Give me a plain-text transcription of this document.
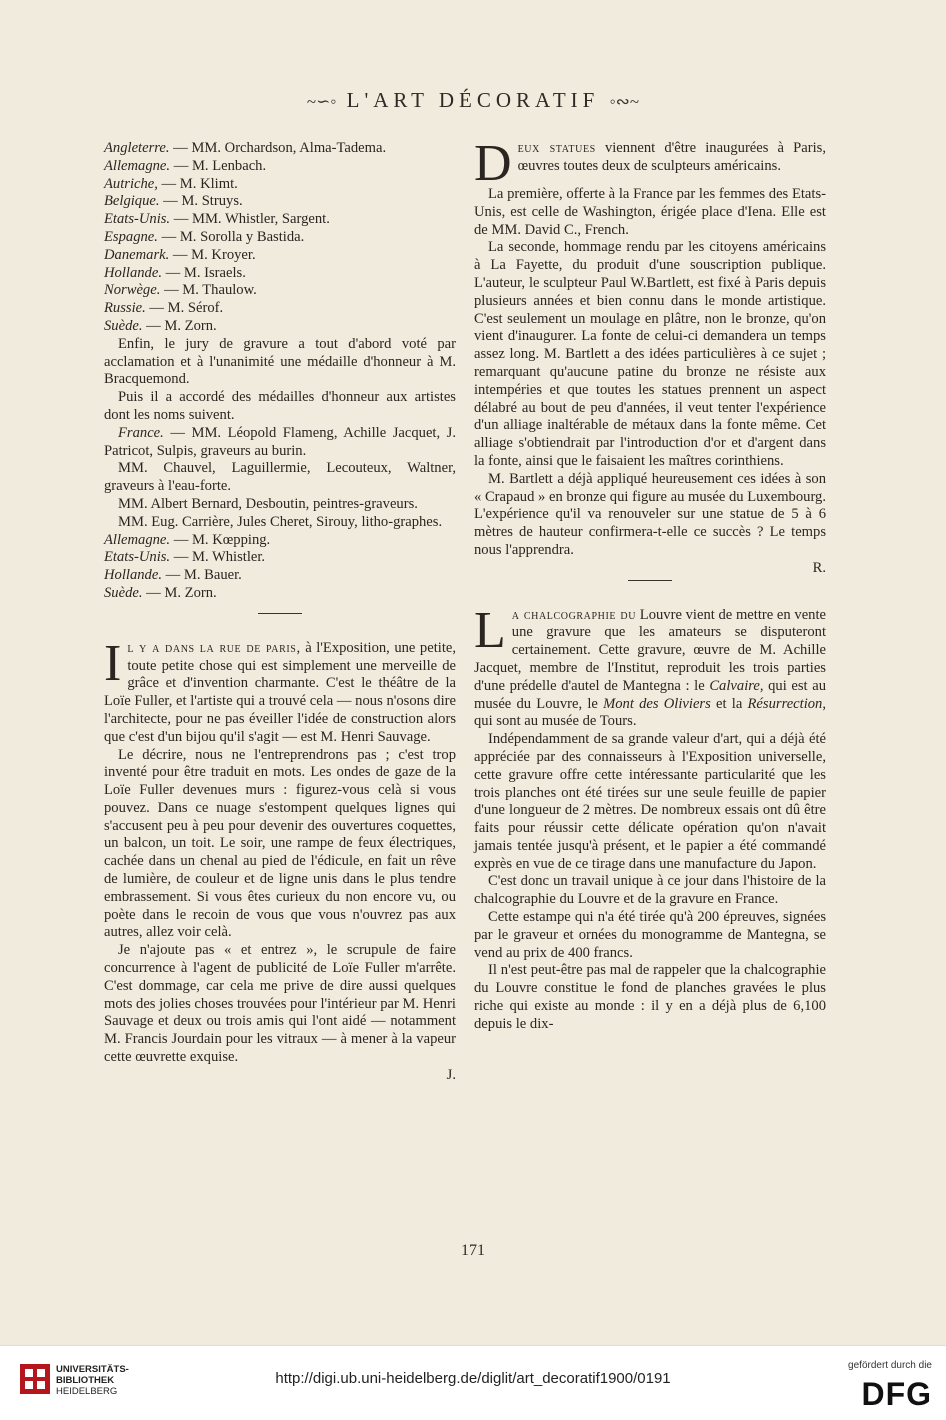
~∽◦ L'ART DÉCORATIF ◦∾~

Angleterre. — MM. Orchardson, Alma-Tadema.

Allemagne. — M. Lenbach.

Autriche, — M. Klimt.

Belgique. — M. Struys.

Etats-Unis. — MM. Whistler, Sargent.

Espagne. — M. Sorolla y Bastida.

Danemark. — M. Kroyer.

Hollande. — M. Israels.

Norwège. — M. Thaulow.

Russie. — M. Sérof.

Suède. — M. Zorn.

Enfin, le jury de gravure a tout d'abord voté par acclamation et à l'unanimité une médaille d'honneur à M. Bracquemond.

Puis il a accordé des médailles d'honneur aux artistes dont les noms suivent.

France. — MM. Léopold Flameng, Achille Jacquet, J. Patricot, Sulpis, graveurs au burin.

MM. Chauvel, Laguillermie, Lecouteux, Waltner, graveurs à l'eau-forte.

MM. Albert Bernard, Desboutin, peintres-graveurs.

MM. Eug. Carrière, Jules Cheret, Sirouy, litho-graphes.

Allemagne. — M. Kœpping.

Etats-Unis. — M. Whistler.

Hollande. — M. Bauer.

Suède. — M. Zorn.

Il y a dans la rue de paris, à l'Exposition, une petite, toute petite chose qui est simplement une merveille de grâce et d'invention charmante. C'est le théâtre de la Loïe Fuller, et l'artiste qui a trouvé cela — nous n'osons dire l'architecte, pour ne pas éveiller l'idée de construction alors que c'est d'un bijou qu'il s'agit — est M. Henri Sauvage.

Le décrire, nous ne l'entreprendrons pas ; c'est trop inventé pour être traduit en mots. Les ondes de gaze de la Loïe Fuller devenues murs : figurez-vous celà si vous pouvez. Dans ce nuage s'estompent quelques lignes qui s'accusent peu à peu pour devenir des ouvertures coquettes, un balcon, un toit. Le soir, une rampe de feux électriques, cachée dans un chenal au pied de l'édicule, en fait un rêve de lumière, de couleur et de ligne unis dans le plus tendre embrassement. Si vous êtes curieux du non encore vu, ou poète dans le recoin de vous que vous n'ouvrez pas aux autres, allez voir celà.

Je n'ajoute pas « et entrez », le scrupule de faire concurrence à l'agent de publicité de Loïe Fuller m'arrête. C'est dommage, car cela me prive de dire aussi quelques mots des jolies choses trouvées pour l'intérieur par M. Henri Sauvage et deux ou trois amis qui l'ont aidé — notamment M. Francis Jourdain pour les vitraux — à mener à la vapeur cette œuvrette exquise.

J.

Deux statues viennent d'être inaugurées à Paris, œuvres toutes deux de sculpteurs américains.

La première, offerte à la France par les femmes des Etats-Unis, est celle de Washington, érigée place d'Iena. Elle est de MM. David C., French.

La seconde, hommage rendu par les citoyens américains à La Fayette, du produit d'une souscription publique. L'auteur, le sculpteur Paul W.Bartlett, est fixé à Paris depuis plusieurs années et bien connu dans le monde artistique. C'est seulement un moulage en plâtre, non le bronze, qu'on vient d'inaugurer. La fonte de celui-ci demandera un temps assez long. M. Bartlett a des idées particulières à ce sujet ; remarquant qu'aucune patine du bronze ne résiste aux intempéries et que toutes les statues prennent un aspect délabré au bout de peu d'années, il veut tenter l'expérience d'un alliage inaltérable de métaux dans la fonte même. Cet alliage s'obtiendrait par l'introduction d'or et d'argent dans la fonte, ainsi que le faisaient les maîtres corinthiens.

M. Bartlett a déjà appliqué heureusement ces idées à son « Crapaud » en bronze qui figure au musée du Luxembourg. L'expérience qu'il va renouveler sur une statue de 5 à 6 mètres de hauteur confirmera-t-elle ce succès ? Le temps nous l'apprendra.

R.

La chalcographie du Louvre vient de mettre en vente une gravure que les amateurs se disputeront certainement. Cette gravure, œuvre de M. Achille Jacquet, membre de l'Institut, reproduit les trois parties d'une prédelle d'autel de Mantegna : le Calvaire, qui est au musée du Louvre, le Mont des Oliviers et la Résurrection, qui sont au musée de Tours.

Indépendamment de sa grande valeur d'art, qui a déjà été appréciée par des connaisseurs à l'Exposition universelle, cette gravure offre cette intéressante particularité que les trois planches ont été tirées sur une seule feuille de papier d'une longueur de 2 mètres. De nombreux essais ont dû être faits pour réussir cette délicate opération qu'on n'avait jamais tentée jusqu'à présent, et le papier a été commandé exprès en vue de ce tirage dans une manufacture du Japon.

C'est donc un travail unique à ce jour dans l'histoire de la chalcographie du Louvre et de la gravure en France.

Cette estampe qui n'a été tirée qu'à 200 épreuves, signées par le graveur et ornées du monogramme de Mantegna, se vend au prix de 400 francs.

Il n'est peut-être pas mal de rappeler que la chalcographie du Louvre constitue le fond de planches gravées le plus riche qui existe au monde : il y en a déjà plus de 6,100 depuis le dix-

171
UNIVERSITÄTS-
BIBLIOTHEK
HEIDELBERG
http://digi.ub.uni-heidelberg.de/diglit/art_decoratif1900/0191
gefördert durch die
DFG
